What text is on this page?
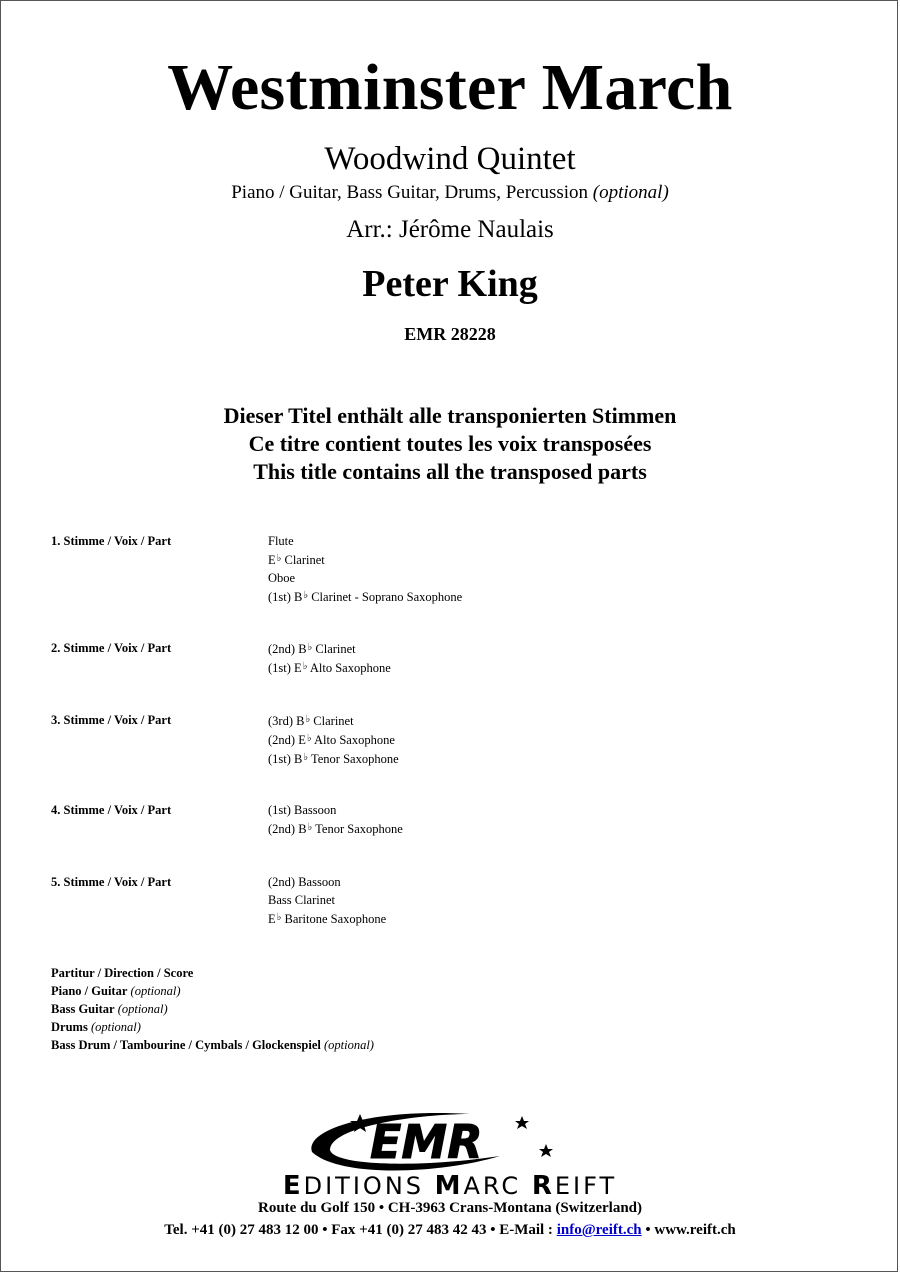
Westminster March
Woodwind Quintet
Piano / Guitar, Bass Guitar, Drums, Percussion (optional)
Arr.: Jérôme Naulais
Peter King
EMR 28228
Dieser Titel enthält alle transponierten Stimmen
Ce titre contient toutes les voix transposées
This title contains all the transposed parts
1. Stimme / Voix / Part	Flute
E♭ Clarinet
Oboe
(1st) B♭ Clarinet - Soprano Saxophone
2. Stimme / Voix / Part	(2nd) B♭ Clarinet
(1st) E♭ Alto Saxophone
3. Stimme / Voix / Part	(3rd) B♭ Clarinet
(2nd) E♭ Alto Saxophone
(1st) B♭ Tenor Saxophone
4. Stimme / Voix / Part	(1st) Bassoon
(2nd) B♭ Tenor Saxophone
5. Stimme / Voix / Part	(2nd) Bassoon
Bass Clarinet
E♭ Baritone Saxophone
Partitur / Direction / Score
Piano / Guitar (optional)
Bass Guitar (optional)
Drums (optional)
Bass Drum / Tambourine / Cymbals / Glockenspiel (optional)
EMR
EDITIONS MARC REIFT
Route du Golf 150 • CH-3963 Crans-Montana (Switzerland)
Tel. +41 (0) 27 483 12 00 • Fax +41 (0) 27 483 42 43 • E-Mail : info@reift.ch • www.reift.ch
